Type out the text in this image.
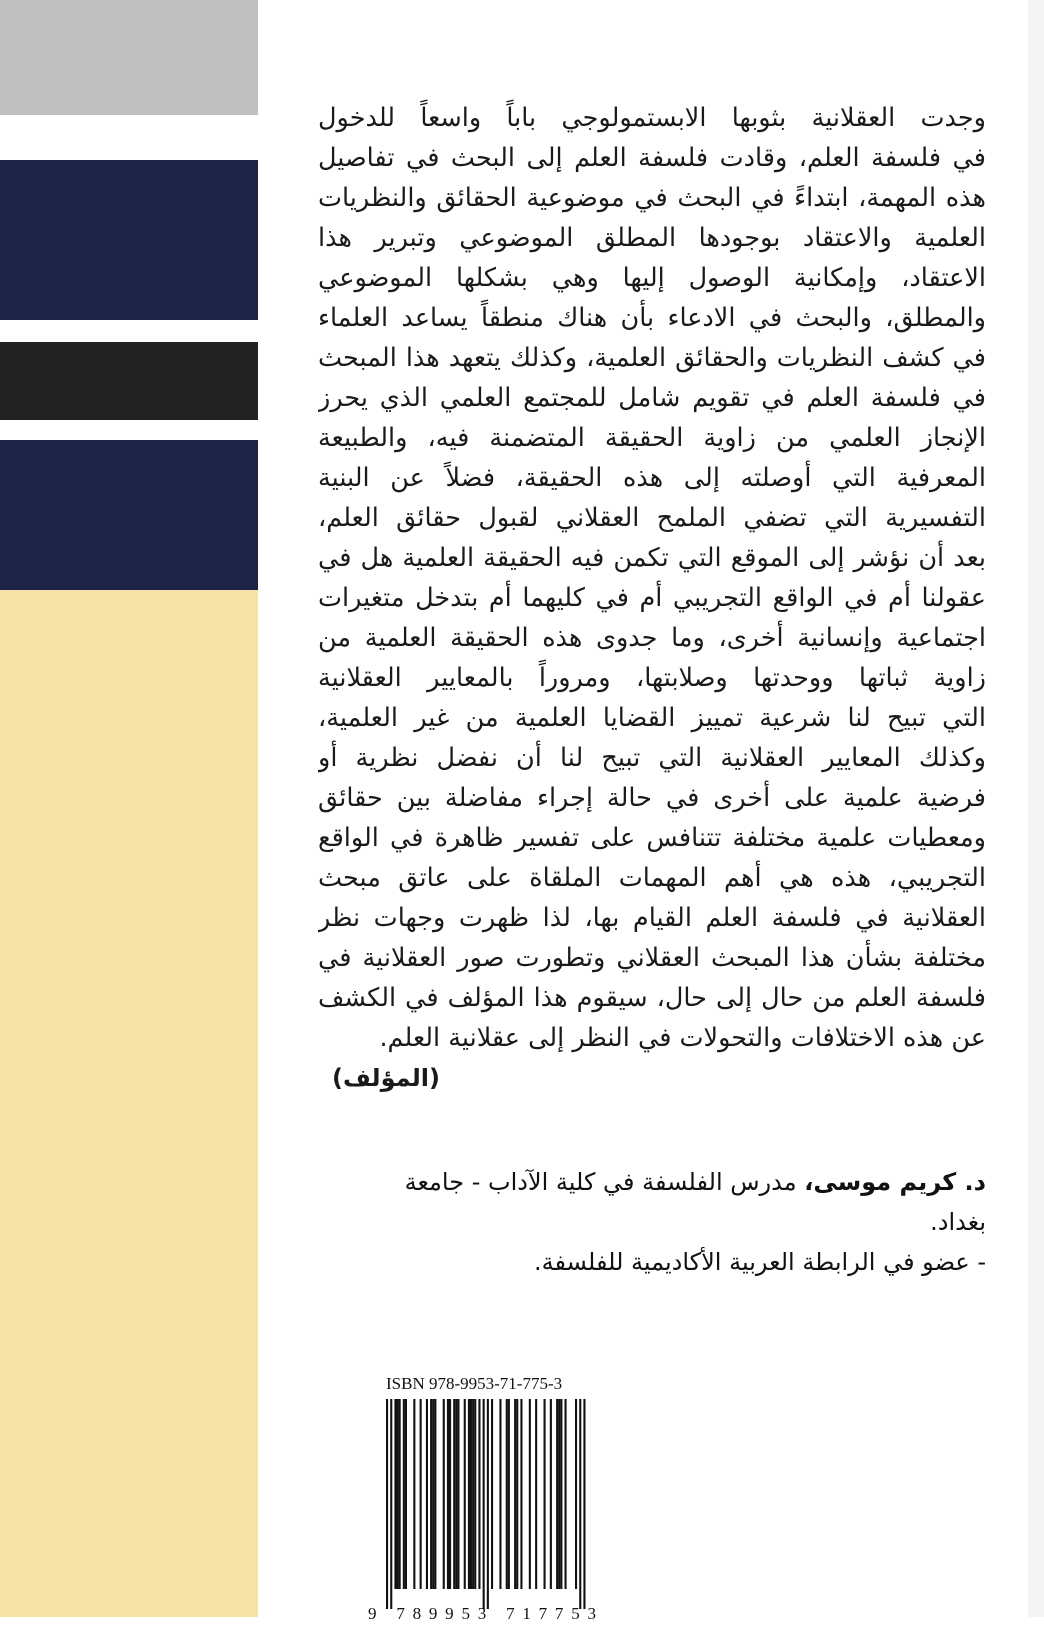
وجدت العقلانية بثوبها الابستمولوجي باباً واسعاً للدخول
في فلسفة العلم، وقادت فلسفة العلم إلى البحث في تفاصيل
هذه المهمة، ابتداءً في البحث في موضوعية الحقائق والنظريات
العلمية والاعتقاد بوجودها المطلق الموضوعي وتبرير هذا
الاعتقاد، وإمكانية الوصول إليها وهي بشكلها الموضوعي
والمطلق، والبحث في الادعاء بأن هناك منطقاً يساعد العلماء
في كشف النظريات والحقائق العلمية، وكذلك يتعهد هذا المبحث
في فلسفة العلم في تقويم شامل للمجتمع العلمي الذي يحرز
الإنجاز العلمي من زاوية الحقيقة المتضمنة فيه، والطبيعة
المعرفية التي أوصلته إلى هذه الحقيقة، فضلاً عن البنية
التفسيرية التي تضفي الملمح العقلاني لقبول حقائق العلم،
بعد أن نؤشر إلى الموقع التي تكمن فيه الحقيقة العلمية هل في
عقولنا أم في الواقع التجريبي أم في كليهما أم بتدخل متغيرات
اجتماعية وإنسانية أخرى، وما جدوى هذه الحقيقة العلمية من
زاوية ثباتها ووحدتها وصلابتها، ومروراً بالمعايير العقلانية
التي تبيح لنا شرعية تمييز القضايا العلمية من غير العلمية،
وكذلك المعايير العقلانية التي تبيح لنا أن نفضل نظرية أو
فرضية علمية على أخرى في حالة إجراء مفاضلة بين حقائق
ومعطيات علمية مختلفة تتنافس على تفسير ظاهرة في الواقع
التجريبي، هذه هي أهم المهمات الملقاة على عاتق مبحث
العقلانية في فلسفة العلم القيام بها، لذا ظهرت وجهات نظر
مختلفة بشأن هذا المبحث العقلاني وتطورت صور العقلانية في
فلسفة العلم من حال إلى حال، سيقوم هذا المؤلف في الكشف
عن هذه الاختلافات والتحولات في النظر إلى عقلانية العلم.
(المؤلف)
د. كريم موسى، مدرس الفلسفة في كلية الآداب - جامعة
بغداد.
- عضو في الرابطة العربية الأكاديمية للفلسفة.
ISBN 978-9953-71-775-3
9 789953 717753
